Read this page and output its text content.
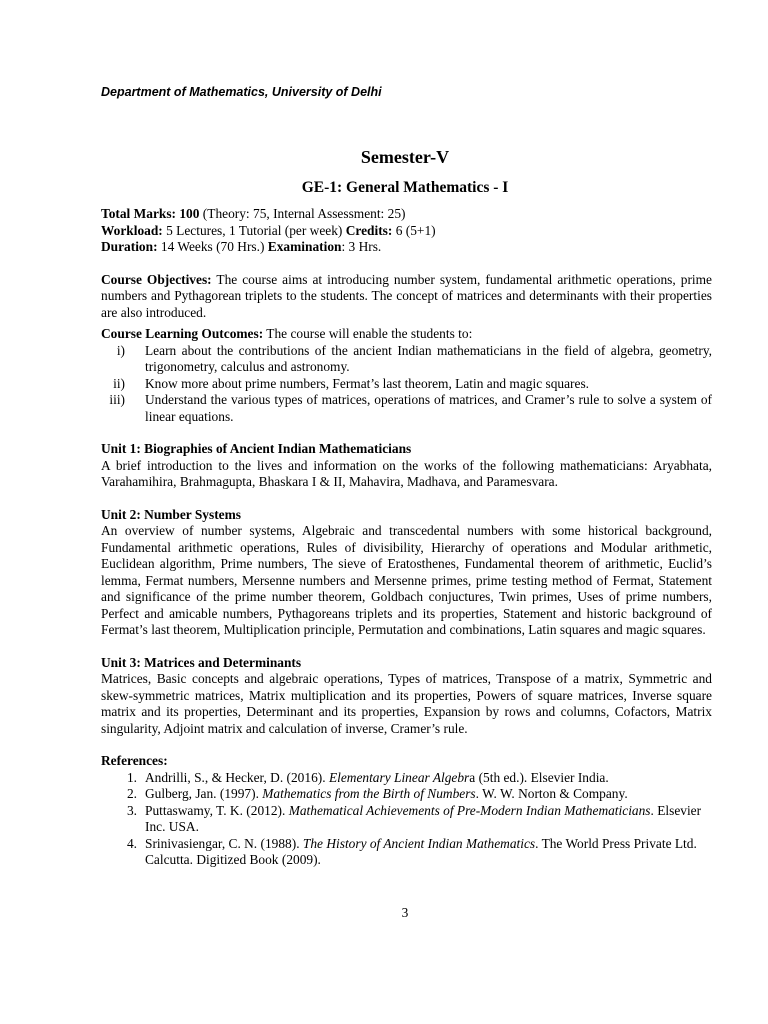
Department of Mathematics, University of Delhi
Semester-V
GE-1: General Mathematics - I

Total Marks: 100 (Theory: 75, Internal Assessment: 25)

Workload: 5 Lectures, 1 Tutorial (per week) Credits: 6 (5+1)

Duration: 14 Weeks (70 Hrs.) Examination: 3 Hrs.

Course Objectives: The course aims at introducing number system, fundamental arithmetic operations, prime numbers and Pythagorean triplets to the students. The concept of matrices and determinants with their properties are also introduced.

Course Learning Outcomes: The course will enable the students to:

i) Learn about the contributions of the ancient Indian mathematicians in the field of algebra, geometry, trigonometry, calculus and astronomy.
ii) Know more about prime numbers, Fermat’s last theorem, Latin and magic squares.
iii) Understand the various types of matrices, operations of matrices, and Cramer’s rule to solve a system of linear equations.

Unit 1: Biographies of Ancient Indian Mathematicians

A brief introduction to the lives and information on the works of the following mathematicians: Aryabhata, Varahamihira, Brahmagupta, Bhaskara I & II, Mahavira, Madhava, and Paramesvara.

Unit 2: Number Systems

An overview of number systems, Algebraic and transcedental numbers with some historical background, Fundamental arithmetic operations, Rules of divisibility, Hierarchy of operations and Modular arithmetic, Euclidean algorithm, Prime numbers, The sieve of Eratosthenes, Fundamental theorem of arithmetic, Euclid’s lemma, Fermat numbers, Mersenne numbers and Mersenne primes, prime testing method of Fermat, Statement and significance of the prime number theorem, Goldbach conjuctures, Twin primes, Uses of prime numbers, Perfect and amicable numbers, Pythagoreans triplets and its properties, Statement and historic background of Fermat’s last theorem, Multiplication principle, Permutation and combinations, Latin squares and magic squares.

Unit 3: Matrices and Determinants

Matrices, Basic concepts and algebraic operations, Types of matrices, Transpose of a matrix, Symmetric and skew-symmetric matrices, Matrix multiplication and its properties, Powers of square matrices, Inverse square matrix and its properties, Determinant and its properties, Expansion by rows and columns, Cofactors, Matrix singularity, Adjoint matrix and calculation of inverse, Cramer’s rule.

References:

1. Andrilli, S., & Hecker, D. (2016). Elementary Linear Algebra (5th ed.). Elsevier India.
2. Gulberg, Jan. (1997). Mathematics from the Birth of Numbers. W. W. Norton & Company.
3. Puttaswamy, T. K. (2012). Mathematical Achievements of Pre-Modern Indian Mathematicians. Elsevier Inc. USA.
4. Srinivasiengar, C. N. (1988). The History of Ancient Indian Mathematics. The World Press Private Ltd. Calcutta. Digitized Book (2009).
3
